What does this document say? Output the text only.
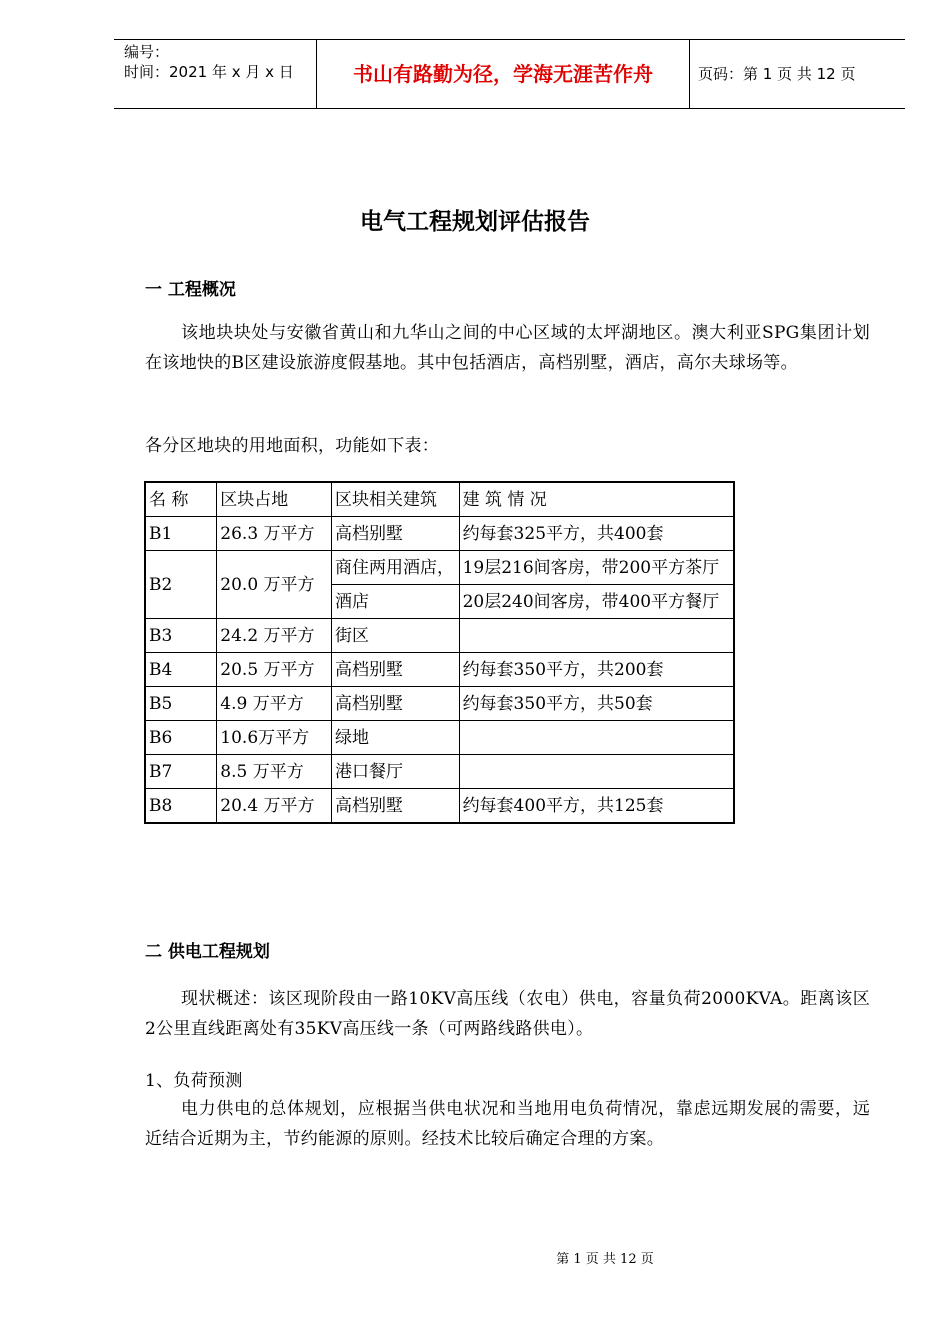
编号：
时间：2021 年 x 月 x 日	书山有路勤为径，学海无涯苦作舟	页码：第 1 页 共 12 页
电气工程规划评估报告
一 工程概况
该地块块处与安徽省黄山和九华山之间的中心区域的太坪湖地区。澳大利亚SPG集团计划在该地快的B区建设旅游度假基地。其中包括酒店，高档别墅，酒店，高尔夫球场等。
各分区地块的用地面积，功能如下表：
名 称	区块占地	区块相关建筑	建 筑 情 况
B1	26.3 万平方	高档别墅	约每套325平方，共400套
B2	20.0 万平方	商住两用酒店，	19层216间客房，带200平方茶厅
		酒店	20层240间客房，带400平方餐厅
B3	24.2 万平方	街区	
B4	20.5 万平方	高档别墅	约每套350平方，共200套
B5	4.9 万平方	高档别墅	约每套350平方，共50套
B6	10.6万平方	绿地	
B7	8.5 万平方	港口餐厅	
B8	20.4 万平方	高档别墅	约每套400平方，共125套
二 供电工程规划
现状概述：该区现阶段由一路10KV高压线（农电）供电，容量负荷2000KVA。距离该区2公里直线距离处有35KV高压线一条（可两路线路供电）。
1、负荷预测
电力供电的总体规划，应根据当供电状况和当地用电负荷情况，靠虑远期发展的需要，远近结合近期为主，节约能源的原则。经技术比较后确定合理的方案。
第 1 页 共 12 页
